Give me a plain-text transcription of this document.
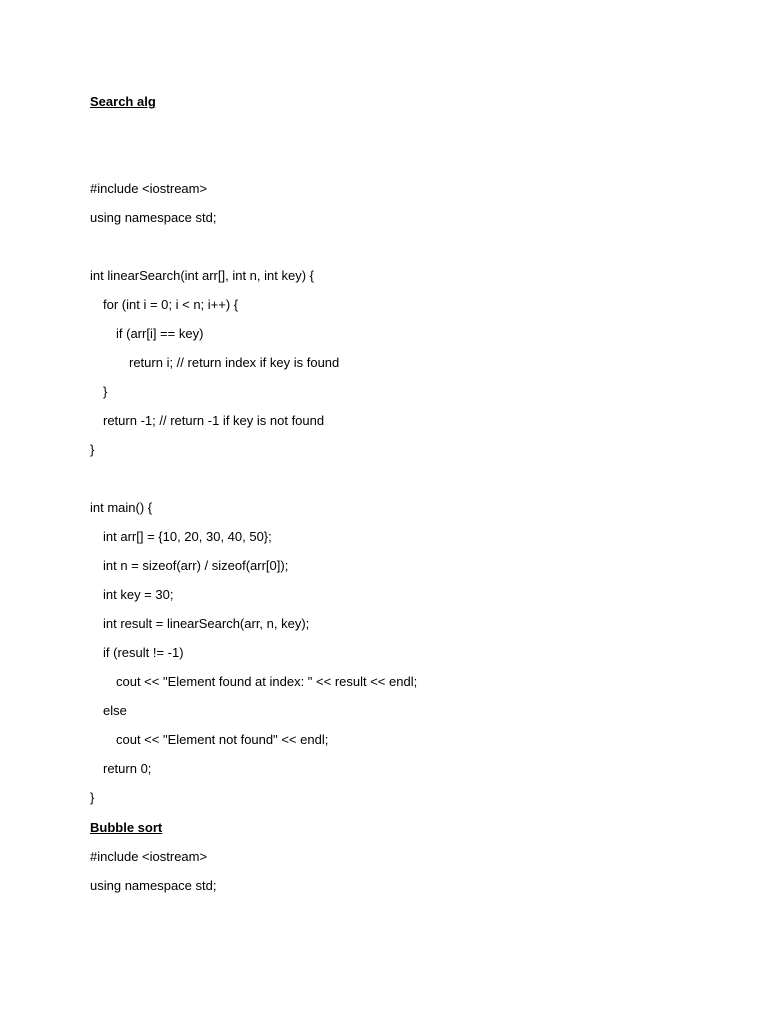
Search alg
#include <iostream>
using namespace std;
int linearSearch(int arr[], int n, int key) {
for (int i = 0; i < n; i++) {
if (arr[i] == key)
return i; // return index if key is found
}
return -1; // return -1 if key is not found
}
int main() {
int arr[] = {10, 20, 30, 40, 50};
int n = sizeof(arr) / sizeof(arr[0]);
int key = 30;
int result = linearSearch(arr, n, key);
if (result != -1)
cout << "Element found at index: " << result << endl;
else
cout << "Element not found" << endl;
return 0;
}
Bubble sort
#include <iostream>
using namespace std;
